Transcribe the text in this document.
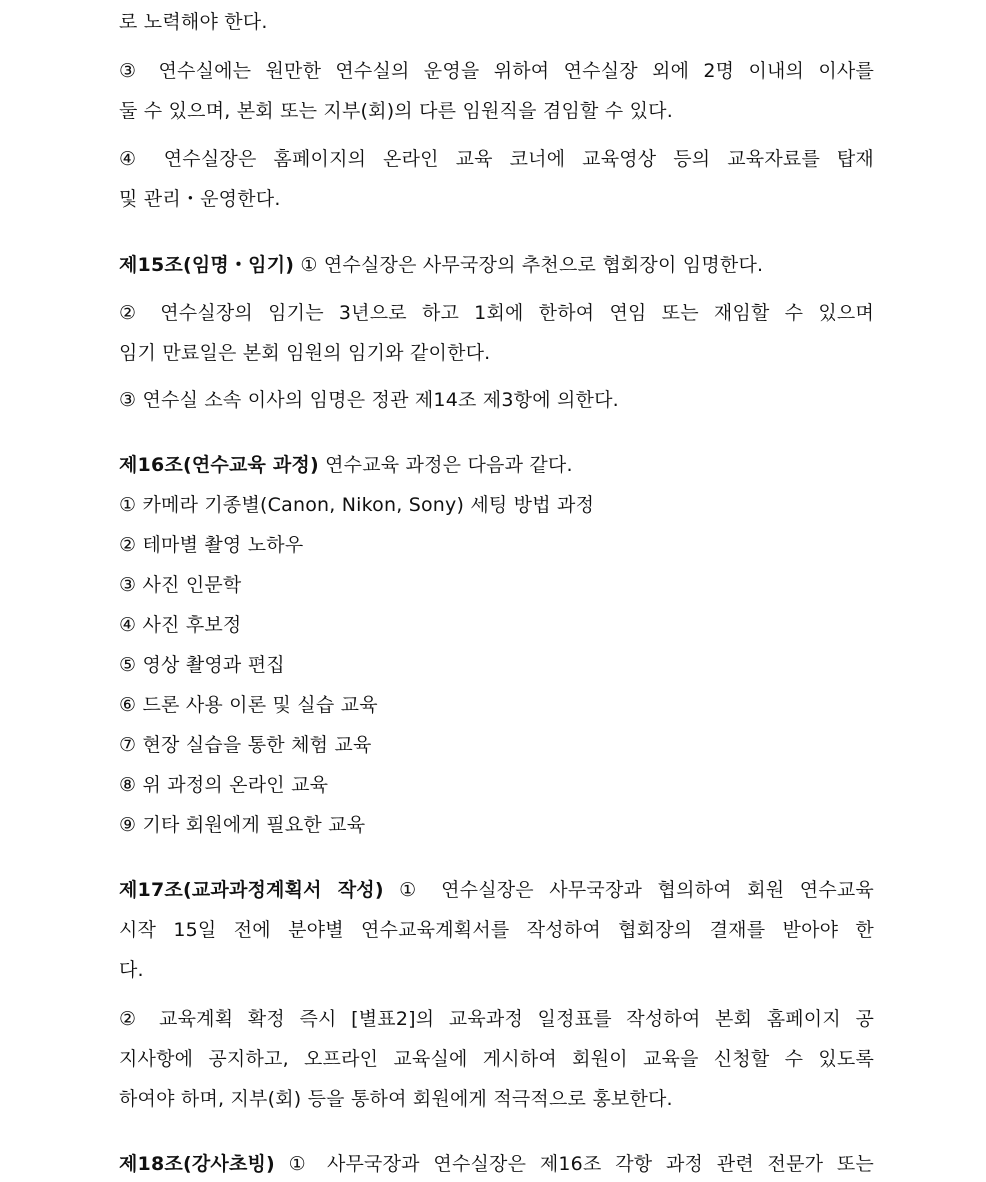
로 노력해야 한다.
③ 연수실에는 원만한 연수실의 운영을 위하여 연수실장 외에 2명 이내의 이사를
둘 수 있으며, 본회 또는 지부(회)의 다른 임원직을 겸임할 수 있다.
④ 연수실장은 홈페이지의 온라인 교육 코너에 교육영상 등의 교육자료를 탑재
및 관리・운영한다.
제15조(임명・임기) ① 연수실장은 사무국장의 추천으로 협회장이 임명한다.
② 연수실장의 임기는 3년으로 하고 1회에 한하여 연임 또는 재임할 수 있으며
임기 만료일은 본회 임원의 임기와 같이한다.
③ 연수실 소속 이사의 임명은 정관 제14조 제3항에 의한다.
제16조(연수교육 과정) 연수교육 과정은 다음과 같다.
① 카메라 기종별(Canon, Nikon, Sony) 세팅 방법 과정
② 테마별 촬영 노하우
③ 사진 인문학
④ 사진 후보정
⑤ 영상 촬영과 편집
⑥ 드론 사용 이론 및 실습 교육
⑦ 현장 실습을 통한 체험 교육
⑧ 위 과정의 온라인 교육
⑨ 기타 회원에게 필요한 교육
제17조(교과과정계획서 작성) ① 연수실장은 사무국장과 협의하여 회원 연수교육
시작 15일 전에 분야별 연수교육계획서를 작성하여 협회장의 결재를 받아야 한
다.
② 교육계획 확정 즉시 [별표2]의 교육과정 일정표를 작성하여 본회 홈페이지 공
지사항에 공지하고, 오프라인 교육실에 게시하여 회원이 교육을 신청할 수 있도록
하여야 하며, 지부(회) 등을 통하여 회원에게 적극적으로 홍보한다.
제18조(강사초빙) ① 사무국장과 연수실장은 제16조 각항 과정 관련 전문가 또는
